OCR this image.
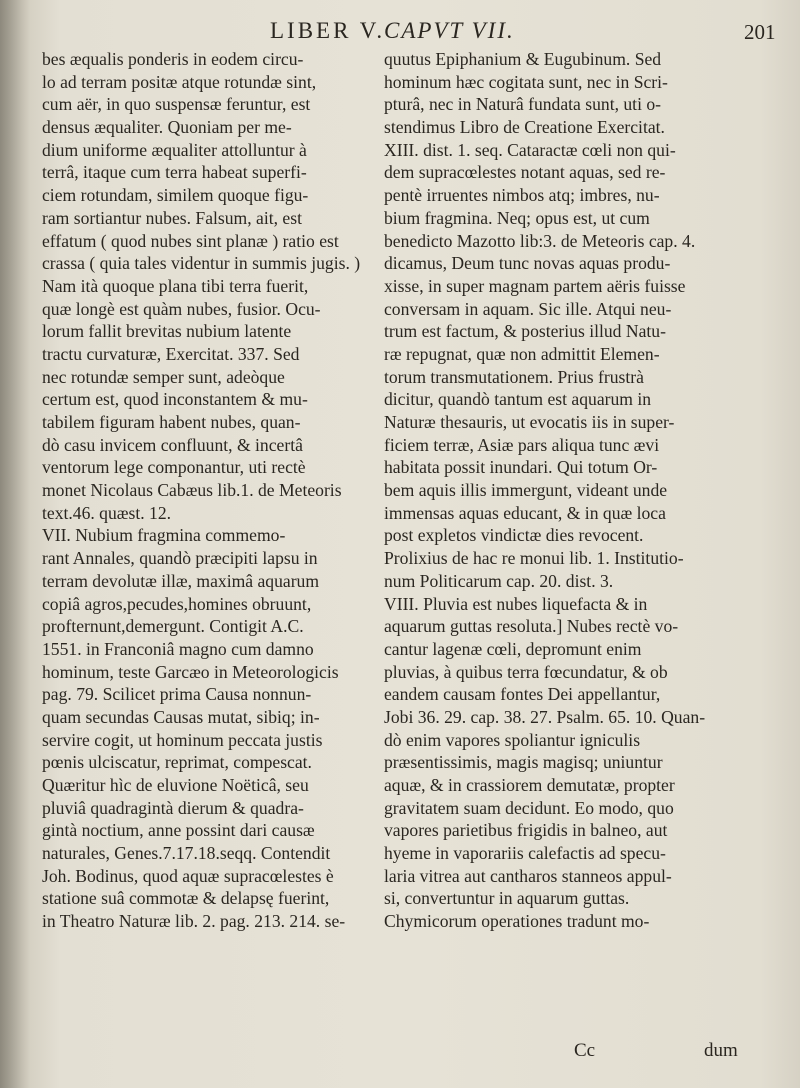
LIBER V.
CAPVT VII.	201
bes æqualis ponderis in eodem circu-
lo ad terram positæ atque rotundæ sint,
cum aër, in quo suspensæ feruntur, est
densus æqualiter. Quoniam per me-
dium uniforme æqualiter attolluntur à
terrâ, itaque cum terra habeat superfi-
ciem rotundam, similem quoque figu-
ram sortiantur nubes. Falsum, ait, est
effatum ( quod nubes sint planæ ) ratio est
crassa ( quia tales videntur in summis jugis. )
Nam ità quoque plana tibi terra fuerit,
quæ longè est quàm nubes, fusior. Ocu-
lorum fallit brevitas nubium latente
tractu curvaturæ, Exercitat. 337. Sed
nec rotundæ semper sunt, adeòque
certum est, quod inconstantem & mu-
tabilem figuram habent nubes, quan-
dò casu invicem confluunt, & incertâ
ventorum lege componantur, uti rectè
monet Nicolaus Cabæus lib.1. de Meteoris
text.46. quæst. 12.
VII. Nubium fragmina commemo-
rant Annales, quandò præcipiti lapsu in
terram devolutæ illæ, maximâ aquarum
copiâ agros,pecudes,homines obruunt,
profternunt,demergunt. Contigit A.C.
1551. in Franconiâ magno cum damno
hominum, teste Garcæo in Meteorologicis
pag. 79. Scilicet prima Causa nonnun-
quam secundas Causas mutat, sibiq; in-
servire cogit, ut hominum peccata justis
pœnis ulciscatur, reprimat, compescat.
Quæritur hìc de eluvione Noëticâ, seu
pluviâ quadragintà dierum & quadra-
gintà noctium, anne possint dari causæ
naturales, Genes.7.17.18.seqq. Contendit
Joh. Bodinus, quod aquæ supracœlestes è
statione suâ commotæ & delapsę fuerint,
in Theatro Naturæ lib. 2. pag. 213. 214. se-
quutus Epiphanium & Eugubinum. Sed
hominum hæc cogitata sunt, nec in Scri-
pturâ, nec in Naturâ fundata sunt, uti o-
stendimus Libro de Creatione Exercitat.
XIII. dist. 1. seq. Cataractæ cœli non qui-
dem supracœlestes notant aquas, sed re-
pentè irruentes nimbos atq; imbres, nu-
bium fragmina. Neq; opus est, ut cum
benedicto Mazotto lib:3. de Meteoris cap. 4.
dicamus, Deum tunc novas aquas produ-
xisse, in super magnam partem aëris fuisse
conversam in aquam. Sic ille. Atqui neu-
trum est factum, & posterius illud Natu-
ræ repugnat, quæ non admittit Elemen-
torum transmutationem. Prius frustrà
dicitur, quandò tantum est aquarum in
Naturæ thesauris, ut evocatis iis in super-
ficiem terræ, Asiæ pars aliqua tunc ævi
habitata possit inundari. Qui totum Or-
bem aquis illis immergunt, videant unde
immensas aquas educant, & in quæ loca
post expletos vindictæ dies revocent.
Prolixius de hac re monui lib. 1. Institutio-
num Politicarum cap. 20. dist. 3.
VIII. Pluvia est nubes liquefacta & in
aquarum guttas resoluta.] Nubes rectè vo-
cantur lagenæ cœli, depromunt enim
pluvias, à quibus terra fœcundatur, & ob
eandem causam fontes Dei appellantur,
Jobi 36. 29. cap. 38. 27. Psalm. 65. 10. Quan-
dò enim vapores spoliantur igniculis
præsentissimis, magis magisq; uniuntur
aquæ, & in crassiorem demutatæ, propter
gravitatem suam decidunt. Eo modo, quo
vapores parietibus frigidis in balneo, aut
hyeme in vaporariis calefactis ad specu-
laria vitrea aut cantharos stanneos appul-
si, convertuntur in aquarum guttas.
Chymicorum operationes tradunt mo-
Cc	dum
